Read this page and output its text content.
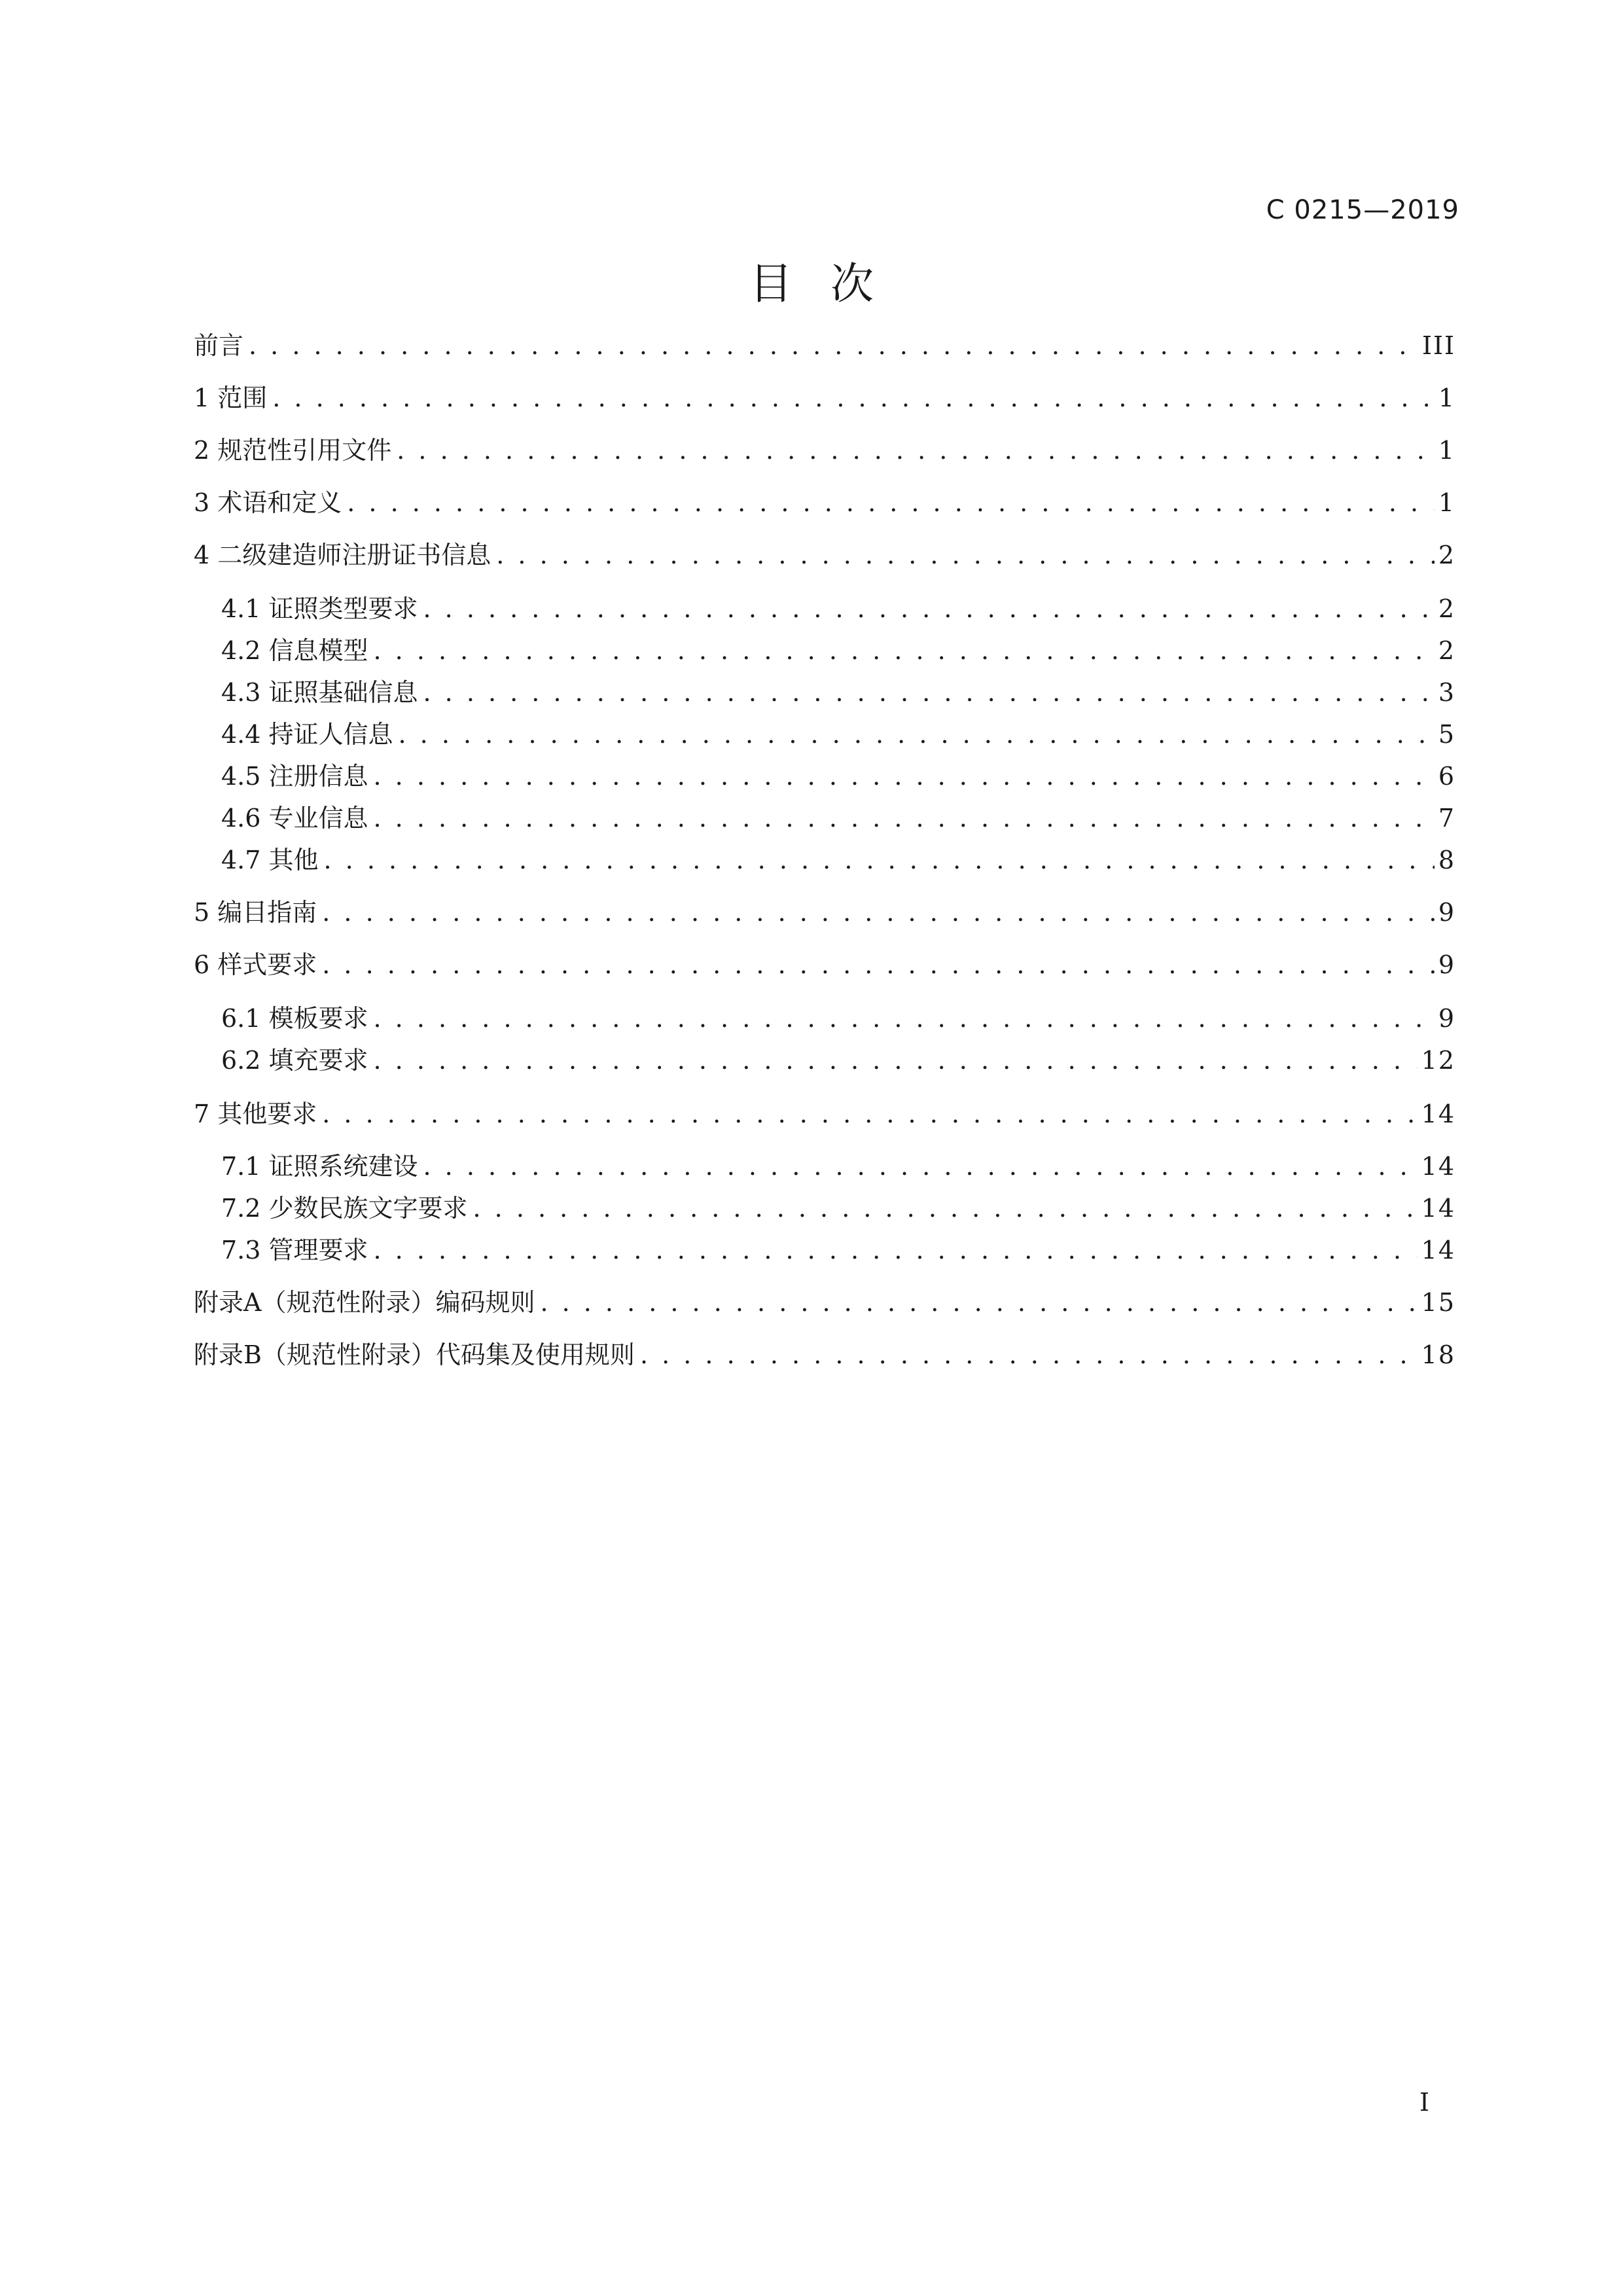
C 0215—2019
目次
前言 . . .	III
1 范围 . . .	1
2 规范性引用文件 . . .	1
3 术语和定义 . . .	1
4 二级建造师注册证书信息 . . .	2
4.1 证照类型要求 . . .	2
4.2 信息模型 . . .	2
4.3 证照基础信息 . . .	3
4.4 持证人信息 . . .	5
4.5 注册信息 . . .	6
4.6 专业信息 . . .	7
4.7 其他 . . .	8
5 编目指南 . . .	9
6 样式要求 . . .	9
6.1 模板要求 . . .	9
6.2 填充要求 . . .	12
7 其他要求 . . .	14
7.1 证照系统建设 . . .	14
7.2 少数民族文字要求 . . .	14
7.3 管理要求 . . .	14
附录A（规范性附录）编码规则 . . .	15
附录B（规范性附录）代码集及使用规则 . . .	18
I
